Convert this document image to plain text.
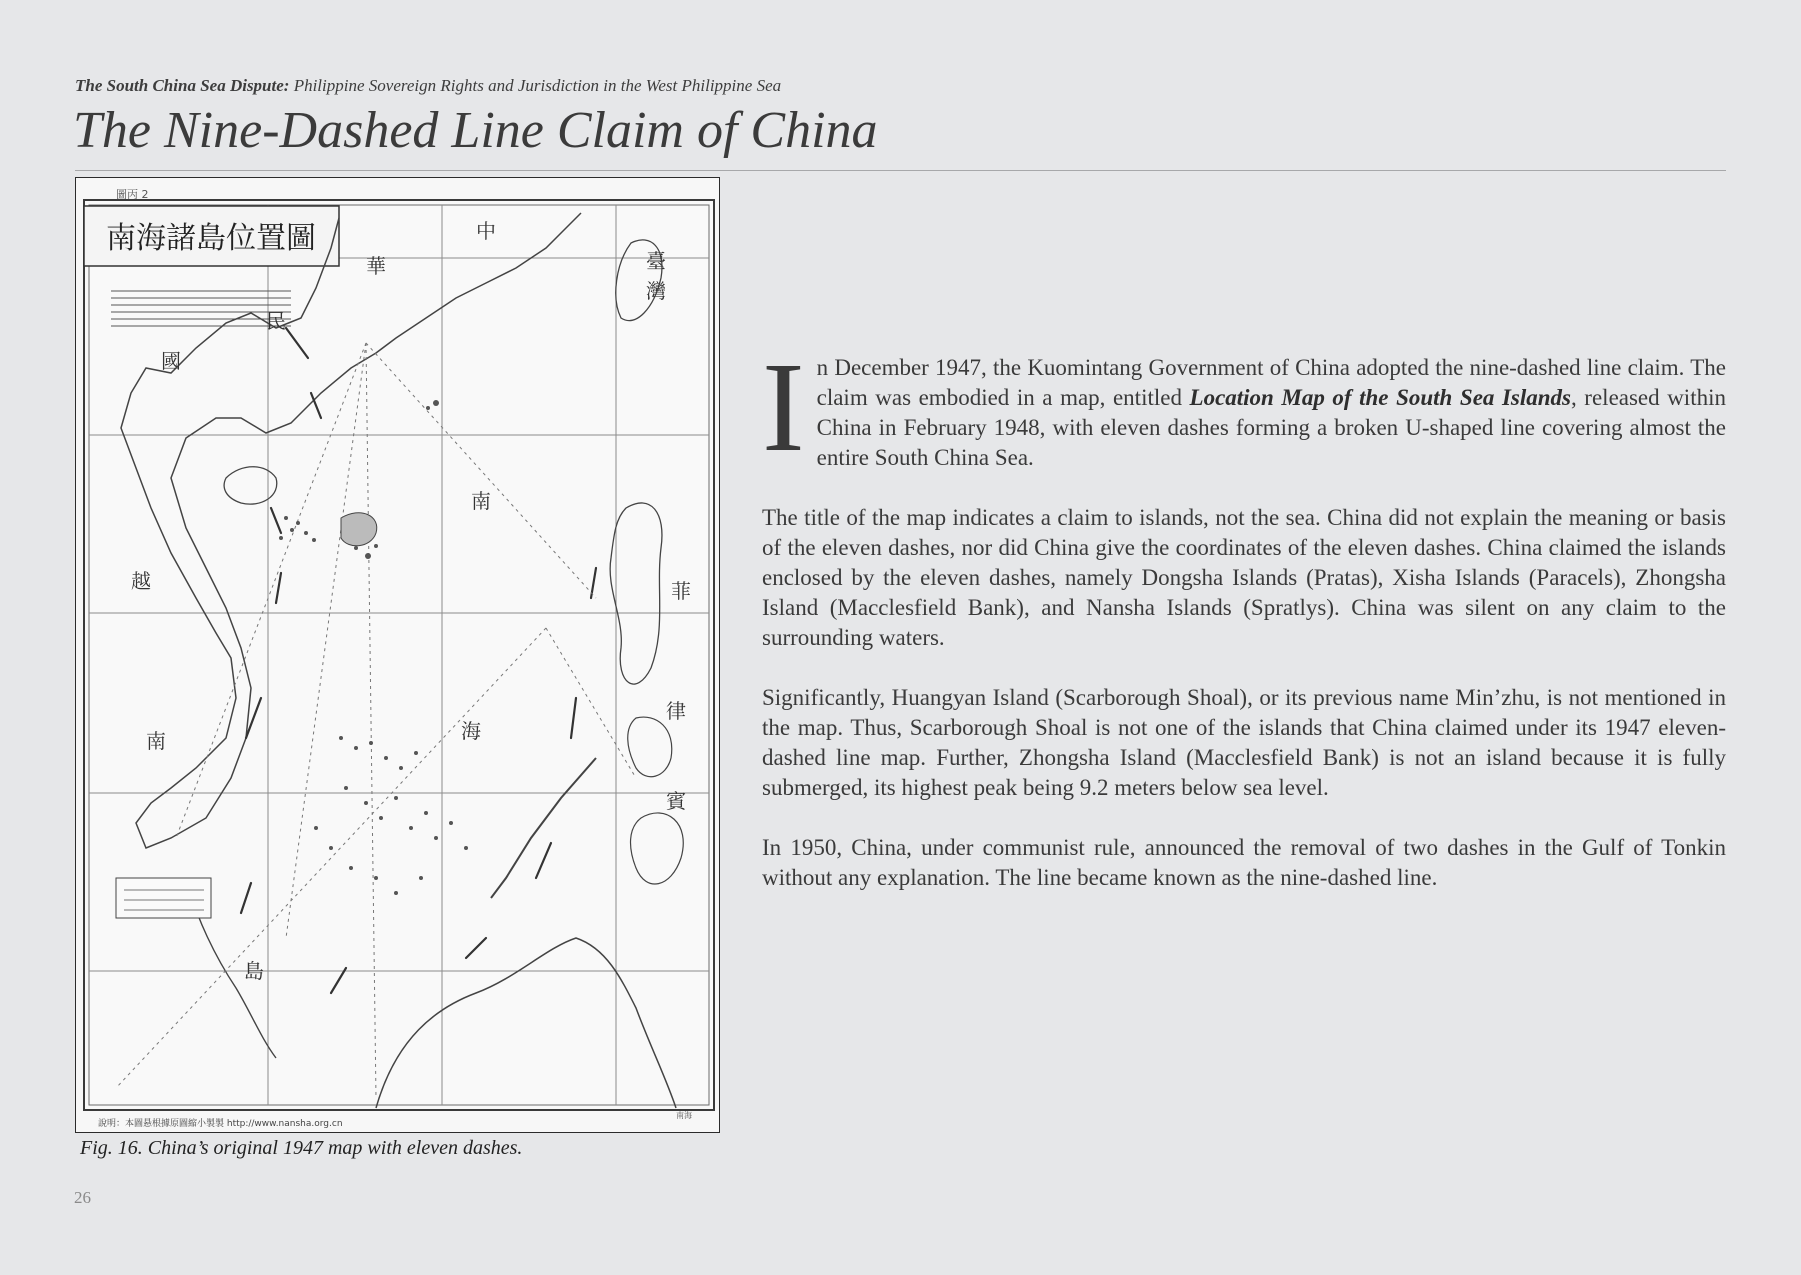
The South China Sea Dispute: Philippine Sovereign Rights and Jurisdiction in the West Philippine Sea
The Nine-Dashed Line Claim of China
南海諸島位置圖
圖丙 2
中
華
民
國
南
海
島
越
南
律
賓
菲
臺
灣
說明：本圖悬根據原圖縮小製製 http://www.nansha.org.cn
南海
Fig. 16. China’s original 1947 map with eleven dashes.

In December 1947, the Kuomintang Government of China adopted the nine-dashed line claim. The claim was embodied in a map, entitled Location Map of the South Sea Islands, released within China in February 1948, with eleven dashes forming a broken U-shaped line covering almost the entire South China Sea.

The title of the map indicates a claim to islands, not the sea. China did not explain the meaning or basis of the eleven dashes, nor did China give the coordinates of the eleven dashes. China claimed the islands enclosed by the eleven dashes, namely Dongsha Islands (Pratas), Xisha Islands (Paracels), Zhongsha Island (Macclesfield Bank), and Nansha Islands (Spratlys). China was silent on any claim to the surrounding waters.

Significantly, Huangyan Island (Scarborough Shoal), or its previous name Min’zhu, is not mentioned in the map. Thus, Scarborough Shoal is not one of the islands that China claimed under its 1947 eleven-dashed line map. Further, Zhongsha Island (Macclesfield Bank) is not an island because it is fully submerged, its highest peak being 9.2 meters below sea level.

In 1950, China, under communist rule, announced the removal of two dashes in the Gulf of Tonkin without any explanation. The line became known as the nine-dashed line.

26
